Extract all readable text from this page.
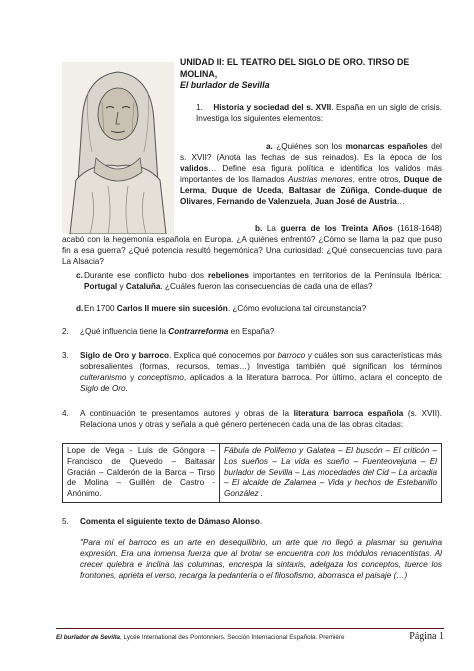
UNIDAD II: EL TEATRO DEL SIGLO DE ORO. TIRSO DE MOLINA,
El burlador de Sevilla
1. Historia y sociedad del s. XVII. España en un siglo de crisis. Investiga los siguientes elementos:
a. ¿Quiénes son los monarcas españoles del s. XVII? (Anota las fechas de sus reinados). Es la época de los validos… Define esa figura política e identifica los validos más importantes de los llamados Austrias menores, entre otros, Duque de Lerma, Duque de Uceda, Baltasar de Zúñiga, Conde-duque de Olivares, Fernando de Valenzuela, Juan José de Austria…
b. La guerra de los Treinta Años (1618-1648) acabó con la hegemonía española en Europa. ¿A quiénes enfrentó? ¿Cómo se llama la paz que puso fin a esa guerra? ¿Qué potencia resultó hegemónica? Una curiosidad: ¿Qué consecuencias tuvo para La Alsacia?
c. Durante ese conflicto hubo dos rebeliones importantes en territorios de la Península Ibérica: Portugal y Cataluña. ¿Cuáles fueron las consecuencias de cada una de ellas?
d. En 1700 Carlos II muere sin sucesión. ¿Cómo evoluciona tal circunstancia?
2. ¿Qué influencia tiene la Contrarreforma en España?
3. Siglo de Oro y barroco. Explica qué conocemos por barroco y cuáles son sus características más sobresalientes (formas, recursos, temas…) Investiga también qué significan los términos culteranismo y conceptismo, aplicados a la literatura barroca. Por último, aclara el concepto de Siglo de Oro.
4. A continuación te presentamos autores y obras de la literatura barroca española (s. XVII). Relaciona unos y otras y señala a qué género pertenecen cada una de las obras citadas:
Lope de Vega - Luis de Góngora – Francisco de Quevedo – Baltasar Gracián – Calderón de la Barca – Tirso de Molina – Guillén de Castro - Anónimo.	Fábula de Polifemo y Galatea – El buscón – El criticón – Los sueños – La vida es sueño – Fuenteovejuna – El burlador de Sevilla – Las mocedades del Cid – La arcadia – El alcalde de Zalamea – Vida y hechos de Estebanillo González .
5. Comenta el siguiente texto de Dámaso Alonso.
"Para mí el barroco es un arte en desequilibrio, un arte que no llegó a plasmar su genuina expresión. Era una inmensa fuerza que al brotar se encuentra con los módulos renacentistas. Al crecer quiebra e inclina las columnas, encrespa la sintaxis, adelgaza los conceptos, tuerce los frontones, aprieta el verso, recarga la pedantería o el filosofismo, aborrasca el paisaje (…)
El burlador de Sevilla, Lycée International des Pontonniers. Sección Internacional Española. Première	Página 1
